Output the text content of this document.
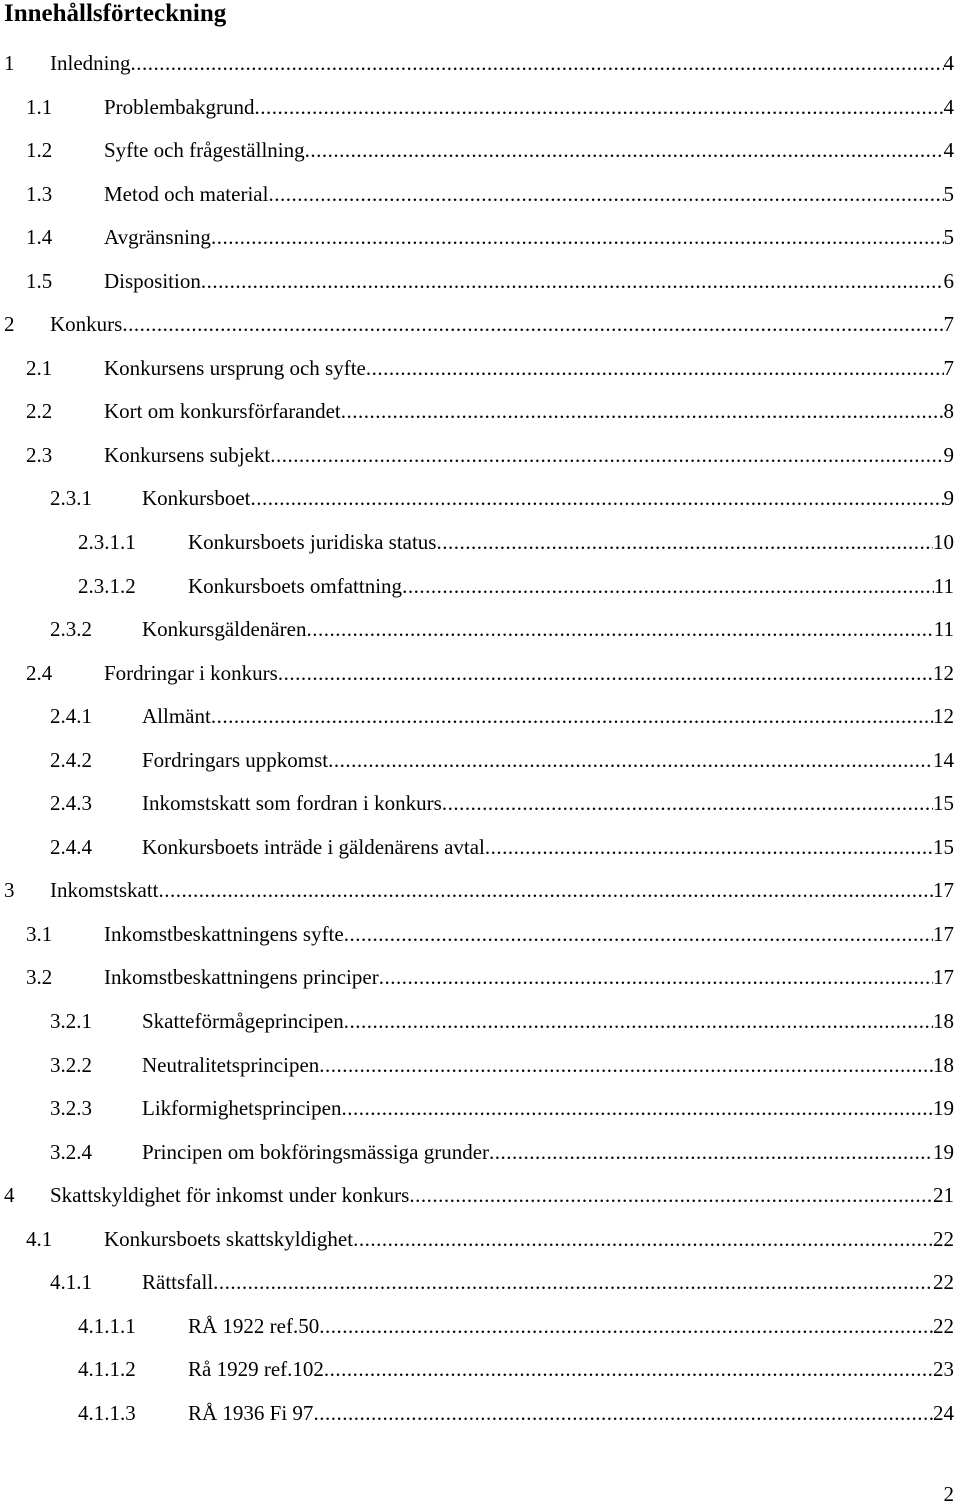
Innehållsförteckning
1 Inledning .....	4
1.1 Problembakgrund .....	4
1.2 Syfte och frågeställning .....	4
1.3 Metod och material .....	5
1.4 Avgränsning .....	5
1.5 Disposition .....	6
2 Konkurs .....	7
2.1 Konkursens ursprung och syfte .....	7
2.2 Kort om konkursförfarandet .....	8
2.3 Konkursens subjekt .....	9
2.3.1 Konkursboet .....	9
2.3.1.1 Konkursboets juridiska status .....	10
2.3.1.2 Konkursboets omfattning .....	11
2.3.2 Konkursgäldenären .....	11
2.4 Fordringar i konkurs .....	12
2.4.1 Allmänt .....	12
2.4.2 Fordringars uppkomst .....	14
2.4.3 Inkomstskatt som fordran i konkurs .....	15
2.4.4 Konkursboets inträde i gäldenärens avtal .....	15
3 Inkomstskatt .....	17
3.1 Inkomstbeskattningens syfte .....	17
3.2 Inkomstbeskattningens principer .....	17
3.2.1 Skatteförmågeprincipen .....	18
3.2.2 Neutralitetsprincipen .....	18
3.2.3 Likformighetsprincipen .....	19
3.2.4 Principen om bokföringsmässiga grunder .....	19
4 Skattskyldighet för inkomst under konkurs .....	21
4.1 Konkursboets skattskyldighet .....	22
4.1.1 Rättsfall .....	22
4.1.1.1 RÅ 1922 ref.50 .....	22
4.1.1.2 Rå 1929 ref.102 .....	23
4.1.1.3 RÅ 1936 Fi 97 .....	24
2
